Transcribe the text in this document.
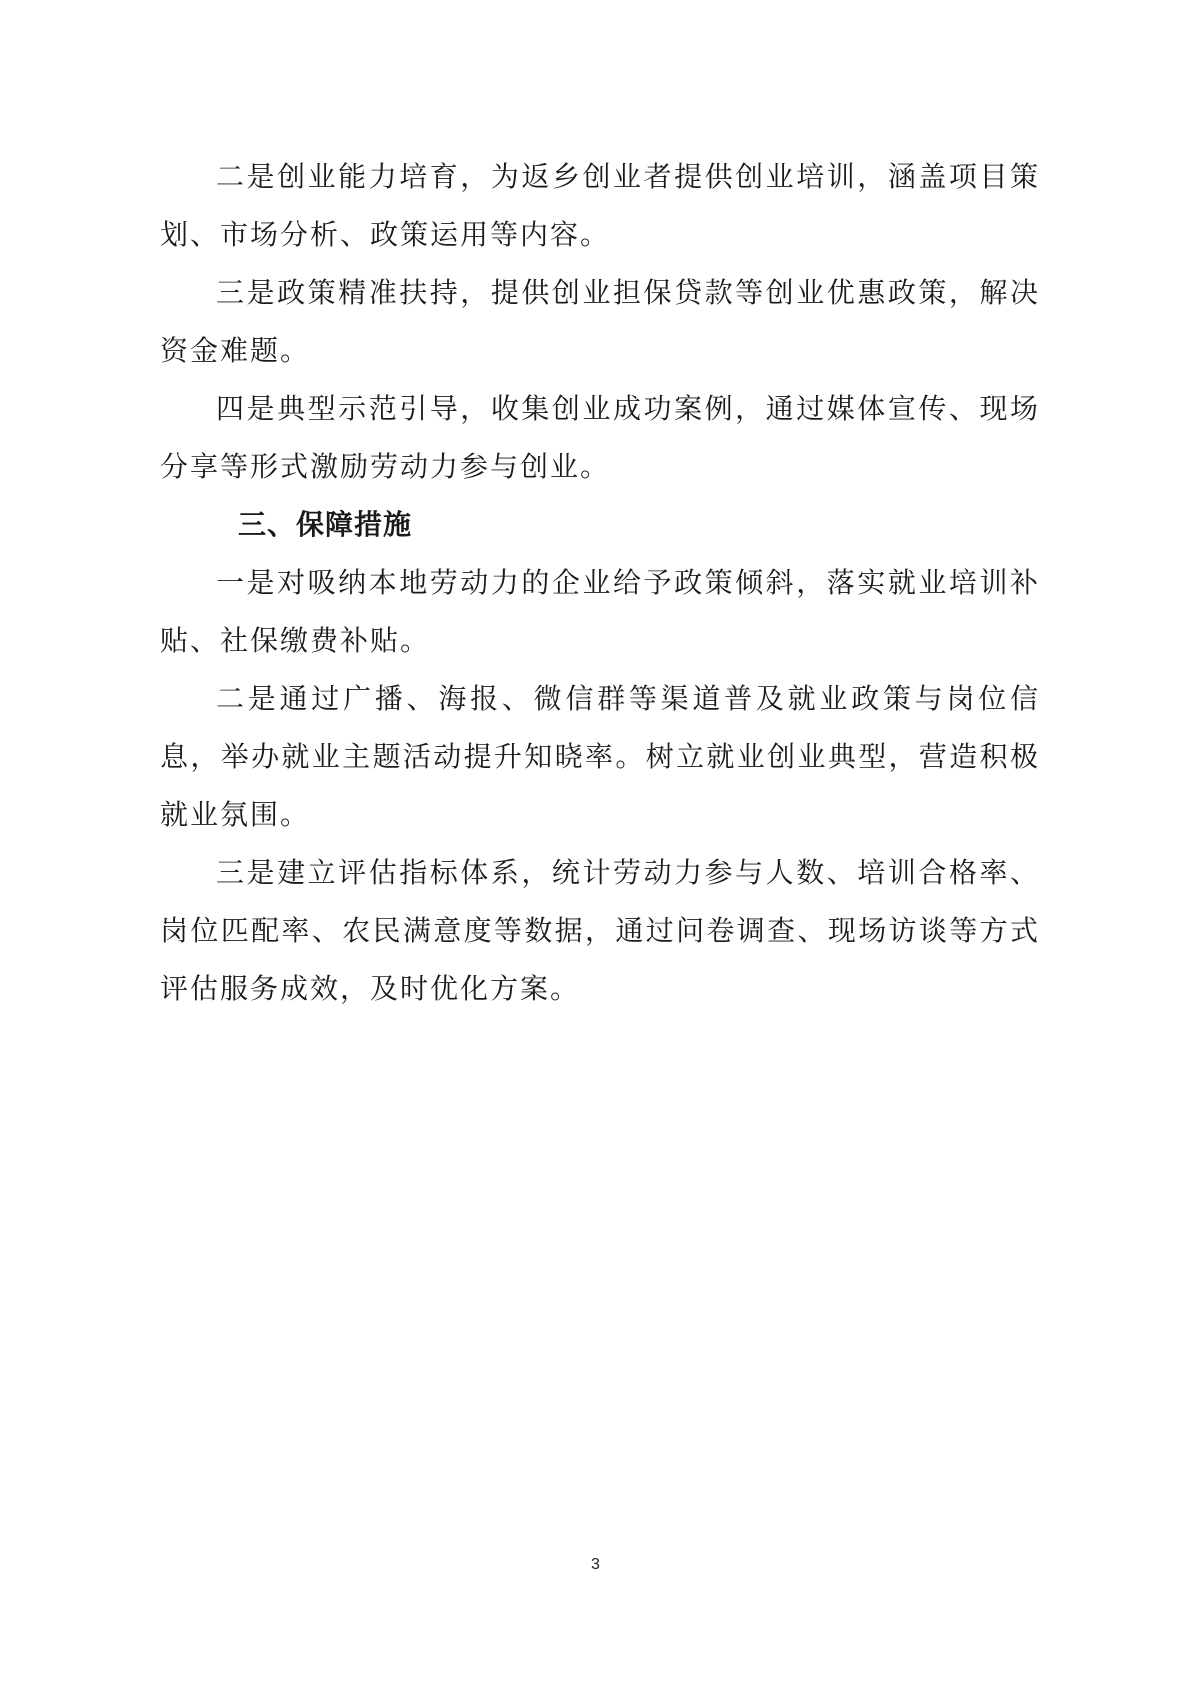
二是创业能力培育，为返乡创业者提供创业培训，涵盖项目策划、市场分析、政策运用等内容。

三是政策精准扶持，提供创业担保贷款等创业优惠政策，解决资金难题。

四是典型示范引导，收集创业成功案例，通过媒体宣传、现场分享等形式激励劳动力参与创业。

三、保障措施

一是对吸纳本地劳动力的企业给予政策倾斜，落实就业培训补贴、社保缴费补贴。

二是通过广播、海报、微信群等渠道普及就业政策与岗位信息，举办就业主题活动提升知晓率。树立就业创业典型，营造积极就业氛围。

三是建立评估指标体系，统计劳动力参与人数、培训合格率、岗位匹配率、农民满意度等数据，通过问卷调查、现场访谈等方式评估服务成效，及时优化方案。

3
